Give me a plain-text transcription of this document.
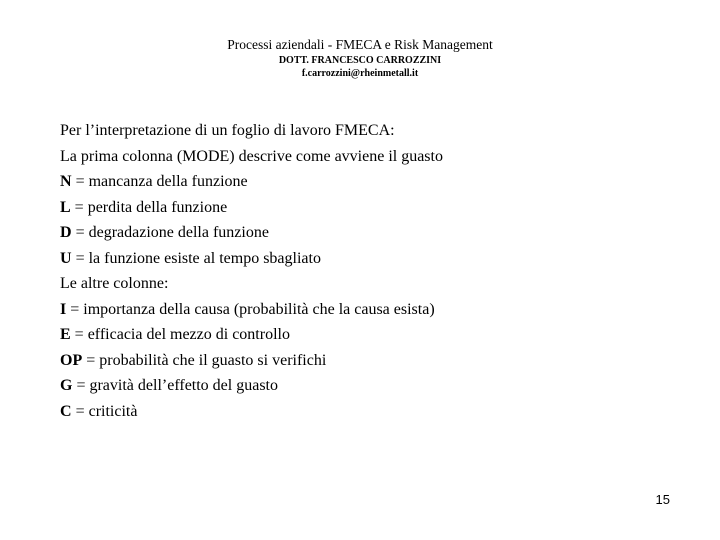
Processi aziendali - FMECA e Risk Management
DOTT. FRANCESCO CARROZZINI
f.carrozzini@rheinmetall.it
Per l’interpretazione di un foglio di lavoro FMECA:
La prima colonna (MODE) descrive come avviene il guasto
N = mancanza della funzione
L = perdita della funzione
D = degradazione della funzione
U = la funzione esiste al tempo sbagliato
Le altre colonne:
I = importanza della causa (probabilità che la causa esista)
E = efficacia del mezzo di controllo
OP = probabilità che il guasto si verifichi
G = gravità dell’effetto del guasto
C = criticità
15
